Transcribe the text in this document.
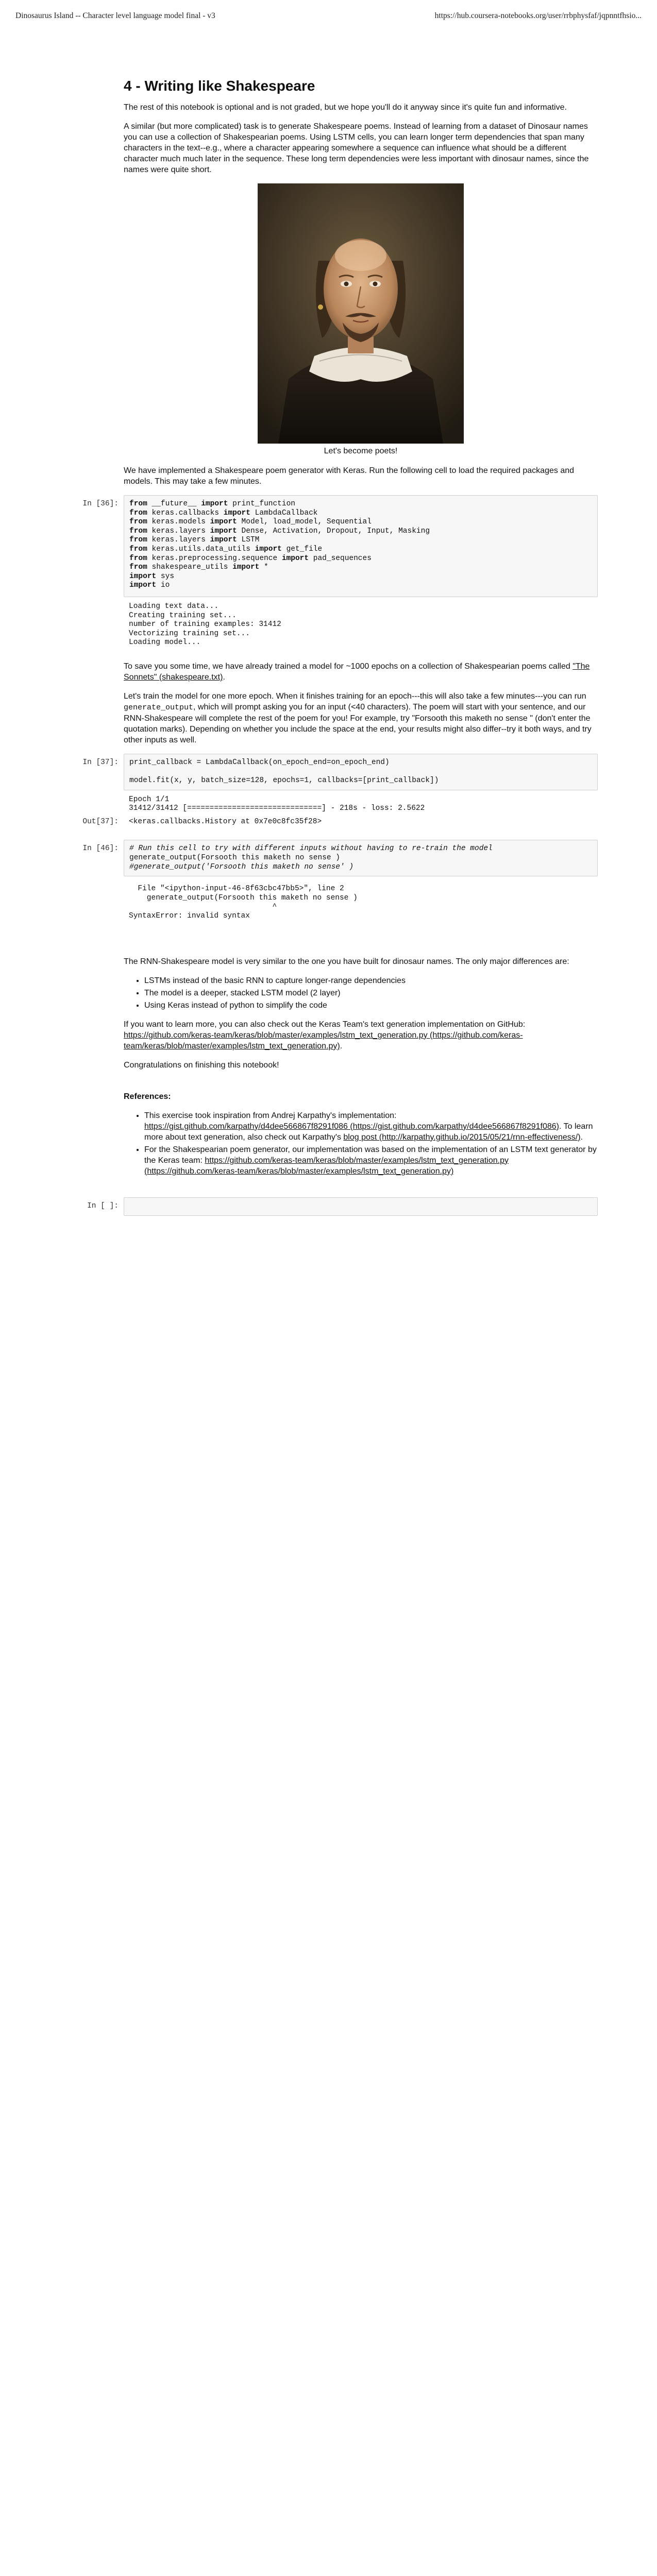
Dinosaurus Island -- Character level language model final - v3	https://hub.coursera-notebooks.org/user/rrbphysfaf/jqpnntfhsio...
4 - Writing like Shakespeare

The rest of this notebook is optional and is not graded, but we hope you'll do it anyway since it's quite fun and informative.

A similar (but more complicated) task is to generate Shakespeare poems. Instead of learning from a dataset of Dinosaur names you can use a collection of Shakespearian poems. Using LSTM cells, you can learn longer term dependencies that span many characters in the text--e.g., where a character appearing somewhere a sequence can influence what should be a different character much much later in the sequence. These long term dependencies were less important with dinosaur names, since the names were quite short.

Let's become poets!

We have implemented a Shakespeare poem generator with Keras. Run the following cell to load the required packages and models. This may take a few minutes.

In [36]:	from __future__ import print_function
from keras.callbacks import LambdaCallback
from keras.models import Model, load_model, Sequential
from keras.layers import Dense, Activation, Dropout, Input, Masking
from keras.layers import LSTM
from keras.utils.data_utils import get_file
from keras.preprocessing.sequence import pad_sequences
from shakespeare_utils import *
import sys
import io
Loading text data...
Creating training set...
number of training examples: 31412
Vectorizing training set...
Loading model...

To save you some time, we have already trained a model for ~1000 epochs on a collection of Shakespearian poems called "The Sonnets" (shakespeare.txt).

Let's train the model for one more epoch. When it finishes training for an epoch---this will also take a few minutes---you can run generate_output, which will prompt asking you for an input (<40 characters). The poem will start with your sentence, and our RNN-Shakespeare will complete the rest of the poem for you! For example, try "Forsooth this maketh no sense " (don't enter the quotation marks). Depending on whether you include the space at the end, your results might also differ--try it both ways, and try other inputs as well.

In [37]:	print_callback = LambdaCallback(on_epoch_end=on_epoch_end)

model.fit(x, y, batch_size=128, epochs=1, callbacks=[print_callback])
Epoch 1/1
31412/31412 [==============================] - 218s - loss: 2.5622
Out[37]:	<keras.callbacks.History at 0x7e0c8fc35f28>
In [46]:	# Run this cell to try with different inputs without having to re-train the model
generate_output(Forsooth this maketh no sense )
#generate_output('Forsooth this maketh no sense' )
File "<ipython-input-46-8f63cbc47bb5>", line 2
generate_output(Forsooth this maketh no sense )
^
SyntaxError: invalid syntax

The RNN-Shakespeare model is very similar to the one you have built for dinosaur names. The only major differences are:

• LSTMs instead of the basic RNN to capture longer-range dependencies
• The model is a deeper, stacked LSTM model (2 layer)
• Using Keras instead of python to simplify the code

If you want to learn more, you can also check out the Keras Team's text generation implementation on GitHub: https://github.com/keras-team/keras/blob/master/examples/lstm_text_generation.py (https://github.com/keras-team/keras/blob/master/examples/lstm_text_generation.py).

Congratulations on finishing this notebook!

References:

• This exercise took inspiration from Andrej Karpathy's implementation: https://gist.github.com/karpathy/d4dee566867f8291f086 (https://gist.github.com/karpathy/d4dee566867f8291f086). To learn more about text generation, also check out Karpathy's blog post (http://karpathy.github.io/2015/05/21/rnn-effectiveness/).
• For the Shakespearian poem generator, our implementation was based on the implementation of an LSTM text generator by the Keras team: https://github.com/keras-team/keras/blob/master/examples/lstm_text_generation.py (https://github.com/keras-team/keras/blob/master/examples/lstm_text_generation.py)
In [ ]:
